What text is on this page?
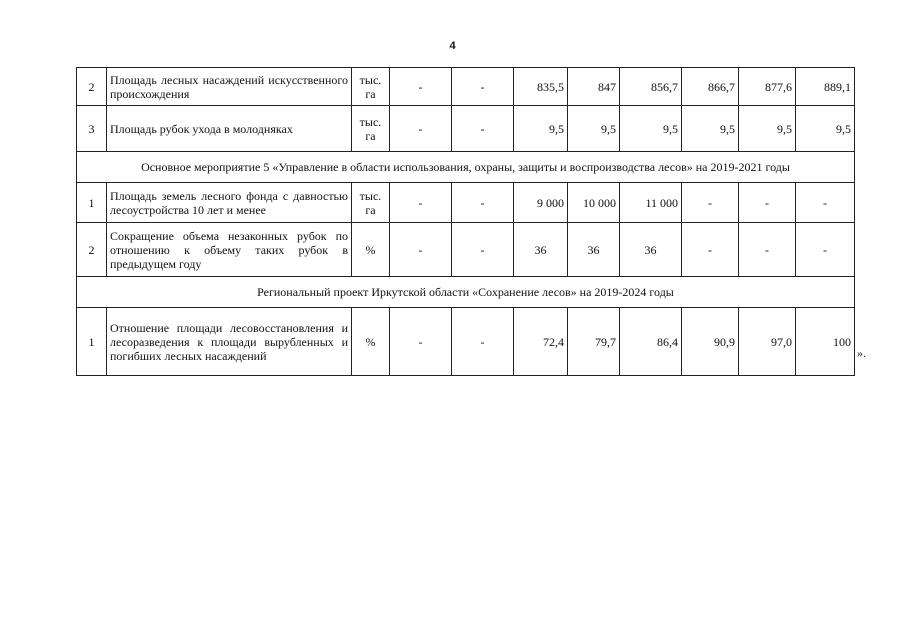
4
2	Площадь лесных насаждений искусственного происхождения	тыс. га	-	-	835,5	847	856,7	866,7	877,6	889,1
3	Площадь рубок ухода в молодняках	тыс. га	-	-	9,5	9,5	9,5	9,5	9,5	9,5
Основное мероприятие 5 «Управление в области использования, охраны, защиты и воспроизводства лесов» на 2019-2021 годы										
1	Площадь земель лесного фонда с давностью лесоустройства 10 лет и менее	тыс. га	-	-	9 000	10 000	11 000	-	-	-
2	Сокращение объема незаконных рубок по отношению к объему таких рубок в предыдущем году	%	-	-	36	36	36	-	-	-
Региональный проект Иркутской области «Сохранение лесов» на 2019-2024 годы										
1	Отношение площади лесовосстановления и лесоразведения к площади вырубленных и погибших лесных насаждений	%	-	-	72,4	79,7	86,4	90,9	97,0	100
».
